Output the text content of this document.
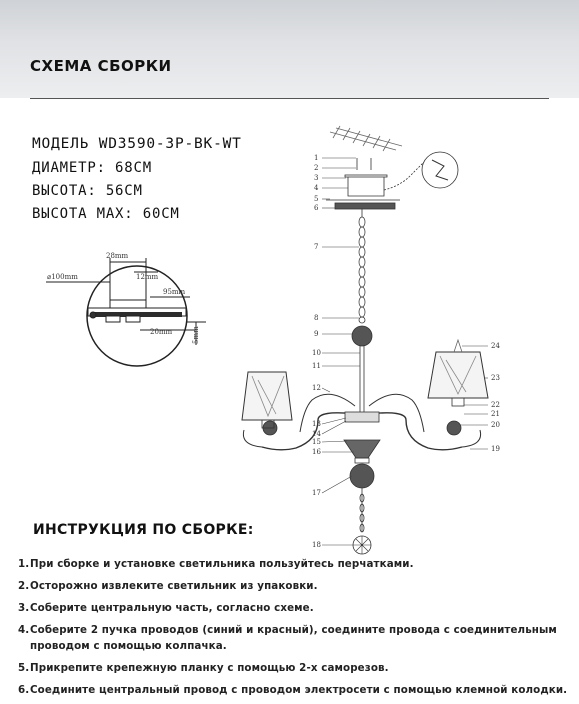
СХЕМА СБОРКИ
МОДЕЛЬ WD3590-3P-BK-WT
ДИАМЕТР: 68СМ
ВЫСОТА: 56СМ
ВЫСОТА MAX: 60СМ
28mm
12mm
95mm
20mm
⌀100mm
5mm
1
2
3
4
5
6
7
8
9
10
11
12
13
14
15
16
17
18
19
20
21
22
23
24
ИНСТРУКЦИЯ ПО СБОРКЕ:
1.При сборке и установке светильника пользуйтесь перчатками.
2.Осторожно извлеките светильник из упаковки.
3.Соберите центральную часть, согласно схеме.
4.Соберите 2 пучка проводов (синий и красный), соедините провода с соединительным
проводом с помощью колпачка.
5.Прикрепите крепежную планку с помощью 2-х саморезов.
6.Соедините центральный провод с проводом электросети с помощью клемной колодки.
